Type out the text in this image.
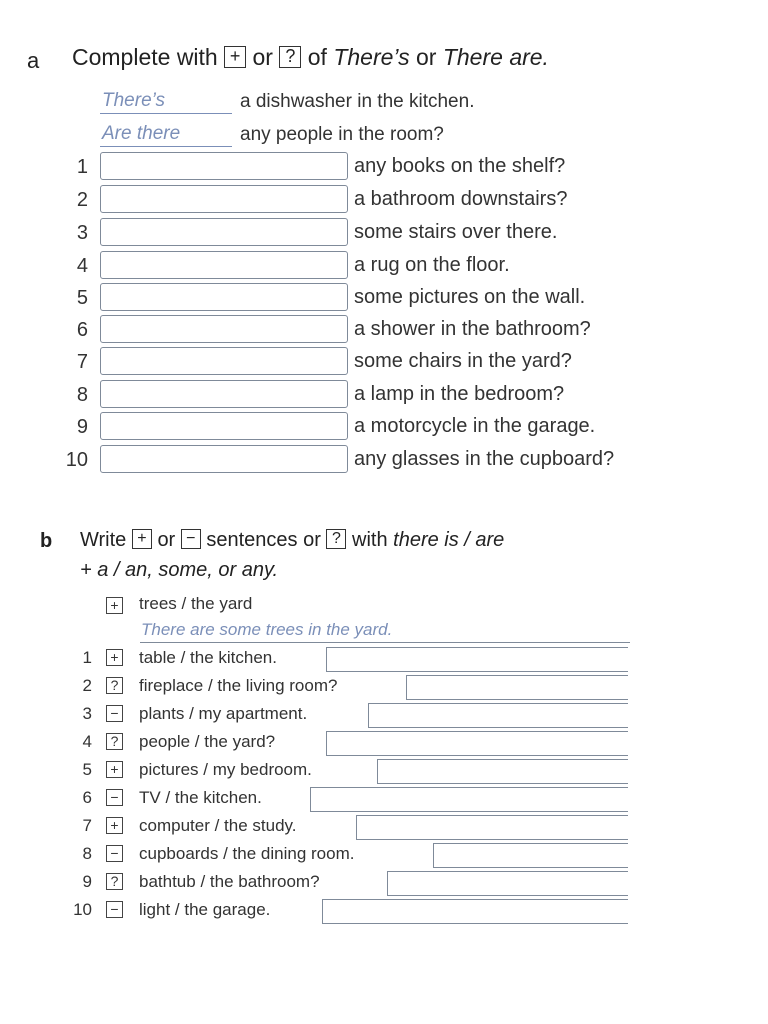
a Complete with + or ? of There’s or There are.
There’s	a dishwasher in the kitchen.
Are there	any people in the room?
1	any books on the shelf?
2	a bathroom downstairs?
3	some stairs over there.
4	a rug on the floor.
5	some pictures on the wall.
6	a shower in the bathroom?
7	some chairs in the yard?
8	a lamp in the bedroom?
9	a motorcycle in the garage.
10	any glasses in the cupboard?
b Write + or − sentences or ? with there is / are
+ a / an, some, or any.
+ trees / the yard
There are some trees in the yard.
1	+ table / the kitchen.
2	? fireplace / the living room?
3	− plants / my apartment.
4	? people / the yard?
5	+ pictures / my bedroom.
6	− TV / the kitchen.
7	+ computer / the study.
8	− cupboards / the dining room.
9	? bathtub / the bathroom?
10	− light / the garage.
